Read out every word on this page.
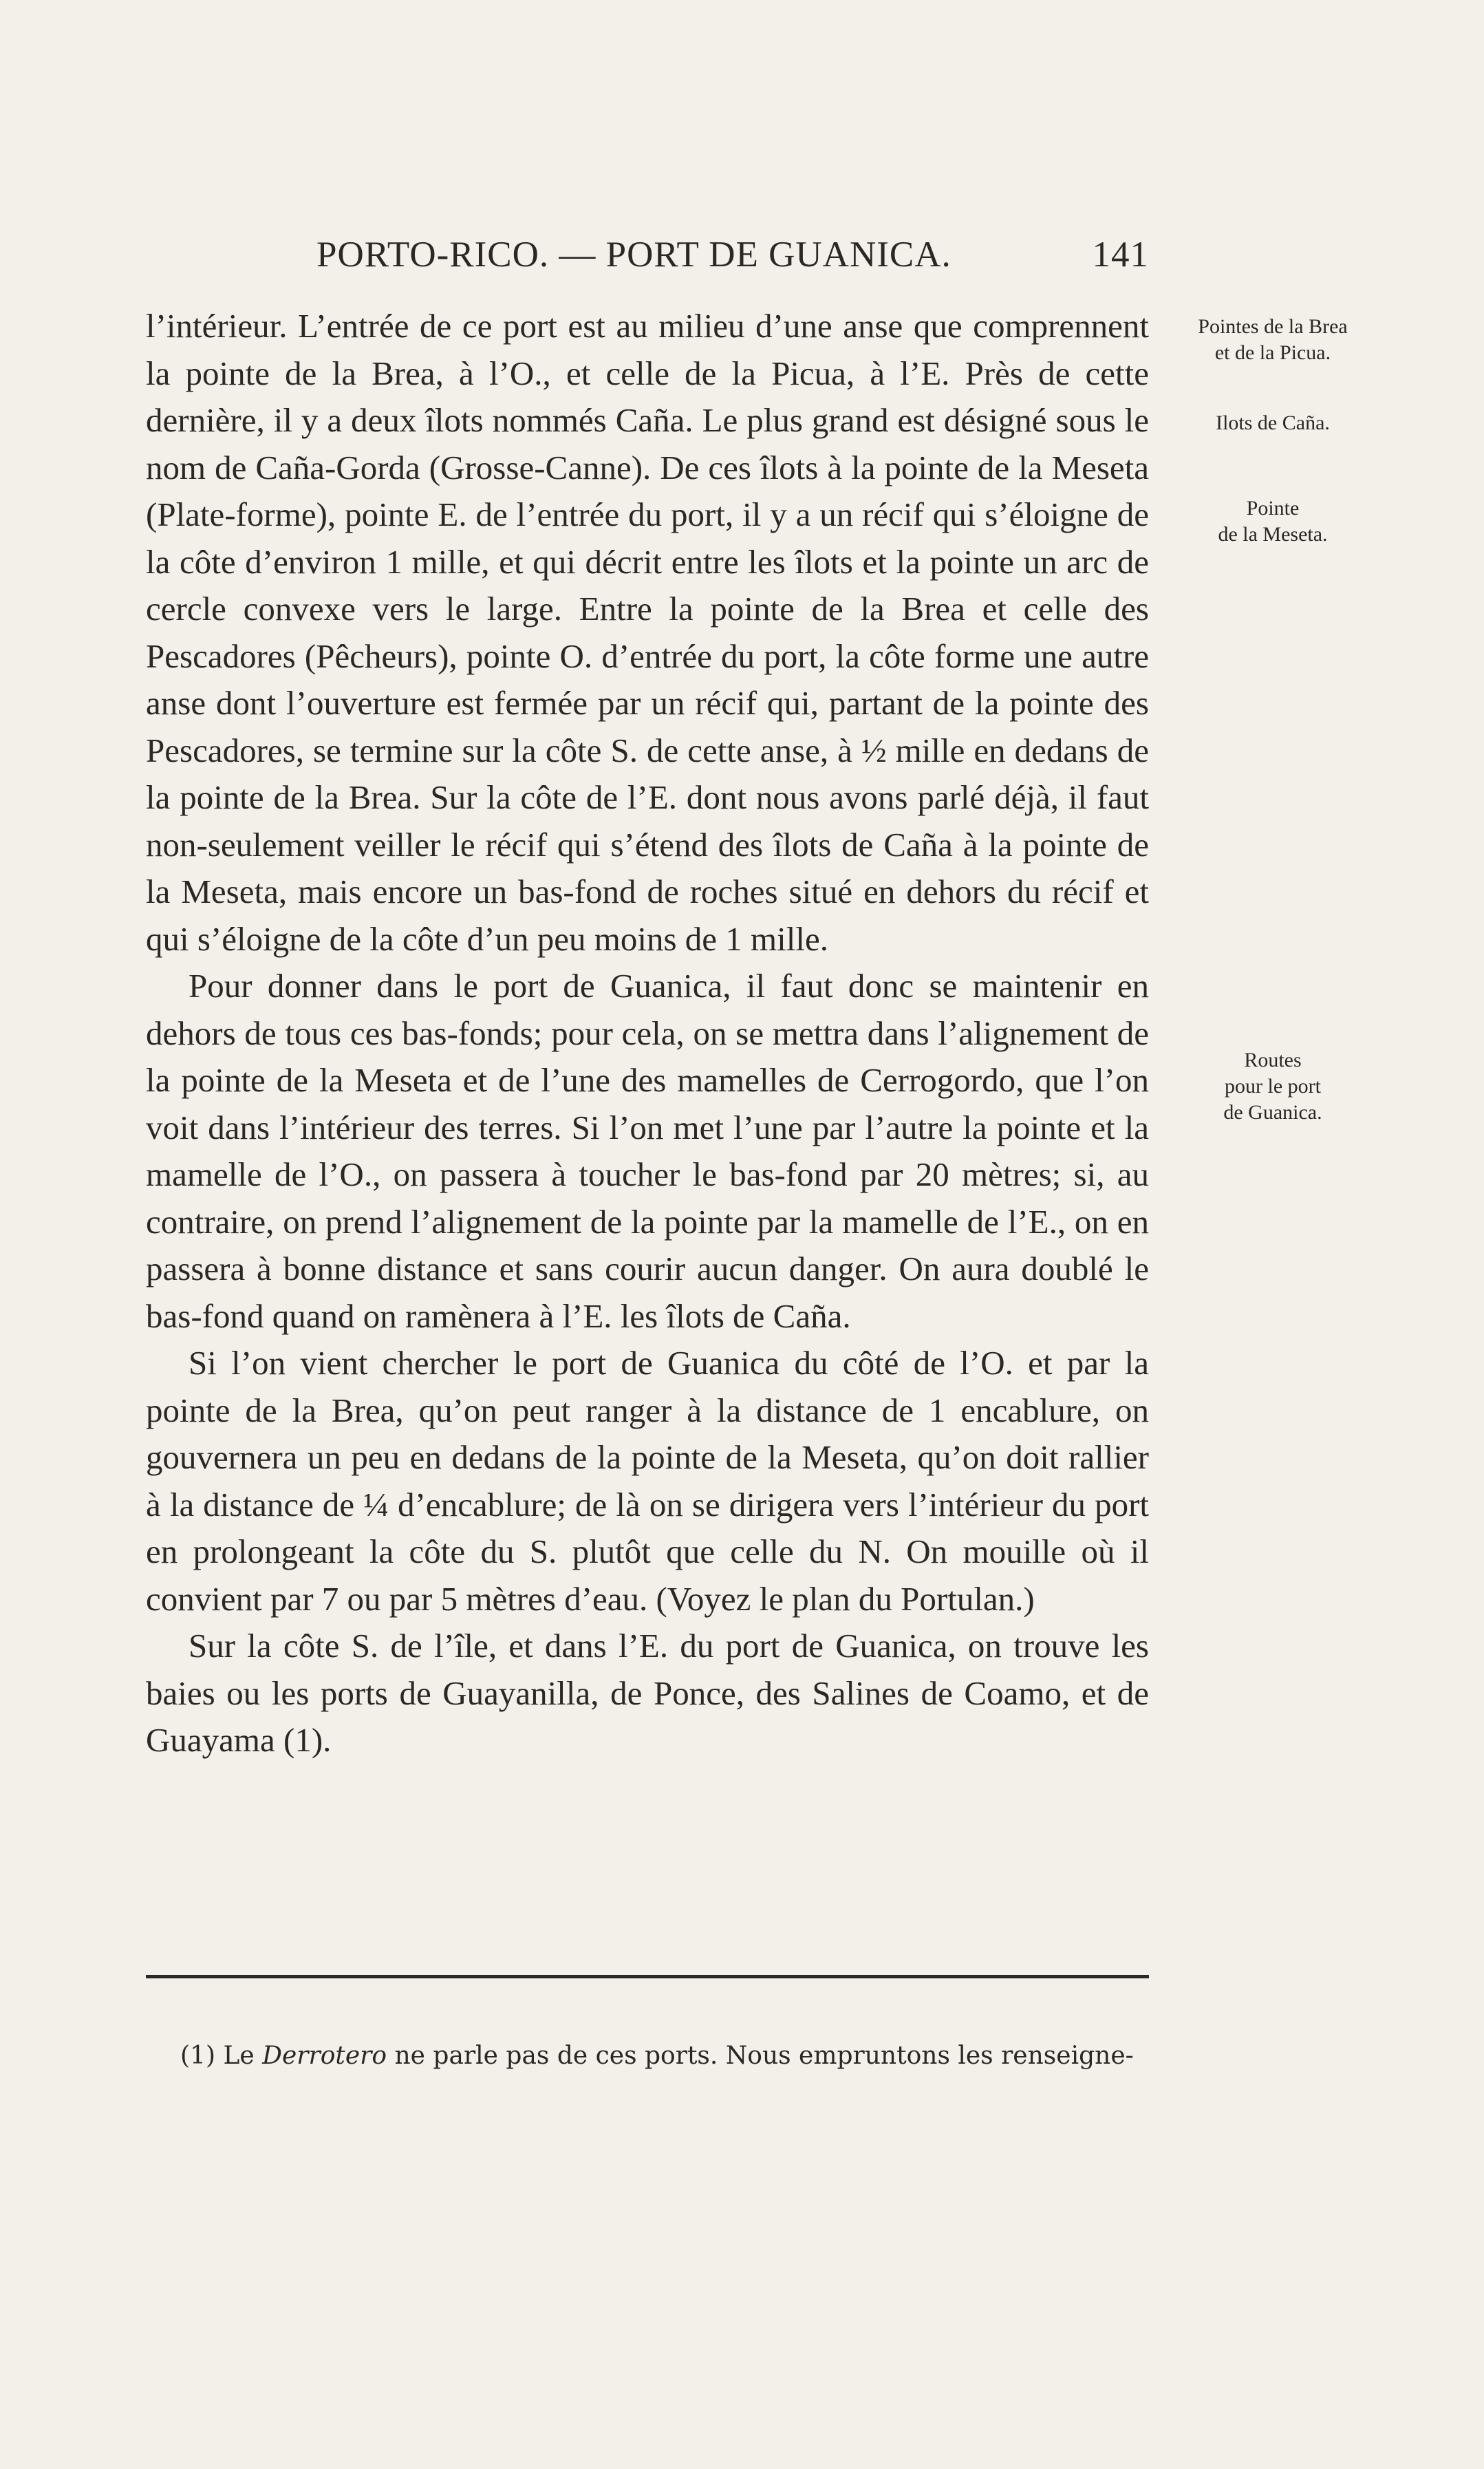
PORTO-RICO. — PORT DE GUANICA.	141

l’intérieur. L’entrée de ce port est au milieu d’une anse que comprennent la pointe de la Brea, à l’O., et celle de la Picua, à l’E. Près de cette dernière, il y a deux îlots nommés Caña. Le plus grand est désigné sous le nom de Caña-Gorda (Grosse-Canne). De ces îlots à la pointe de la Meseta (Plate-forme), pointe E. de l’entrée du port, il y a un récif qui s’éloigne de la côte d’environ 1 mille, et qui décrit entre les îlots et la pointe un arc de cercle convexe vers le large. Entre la pointe de la Brea et celle des Pescadores (Pêcheurs), pointe O. d’entrée du port, la côte forme une autre anse dont l’ouverture est fermée par un récif qui, partant de la pointe des Pescadores, se termine sur la côte S. de cette anse, à ½ mille en dedans de la pointe de la Brea. Sur la côte de l’E. dont nous avons parlé déjà, il faut non-seulement veiller le récif qui s’étend des îlots de Caña à la pointe de la Meseta, mais encore un bas-fond de roches situé en dehors du récif et qui s’éloigne de la côte d’un peu moins de 1 mille.

Pour donner dans le port de Guanica, il faut donc se maintenir en dehors de tous ces bas-fonds; pour cela, on se mettra dans l’alignement de la pointe de la Meseta et de l’une des mamelles de Cerrogordo, que l’on voit dans l’intérieur des terres. Si l’on met l’une par l’autre la pointe et la mamelle de l’O., on passera à toucher le bas-fond par 20 mètres; si, au contraire, on prend l’alignement de la pointe par la mamelle de l’E., on en passera à bonne distance et sans courir aucun danger. On aura doublé le bas-fond quand on ramènera à l’E. les îlots de Caña.

Si l’on vient chercher le port de Guanica du côté de l’O. et par la pointe de la Brea, qu’on peut ranger à la distance de 1 encablure, on gouvernera un peu en dedans de la pointe de la Meseta, qu’on doit rallier à la distance de ¼ d’encablure; de là on se dirigera vers l’intérieur du port en prolongeant la côte du S. plutôt que celle du N. On mouille où il convient par 7 ou par 5 mètres d’eau. (Voyez le plan du Portulan.)

Sur la côte S. de l’île, et dans l’E. du port de Guanica, on trouve les baies ou les ports de Guayanilla, de Ponce, des Salines de Coamo, et de Guayama (1).

Pointes de la Brea
et de la Picua.
Ilots de Caña.
Pointe
de la Meseta.
Routes
pour le port
de Guanica.
(1) Le Derrotero ne parle pas de ces ports. Nous empruntons les renseigne-
